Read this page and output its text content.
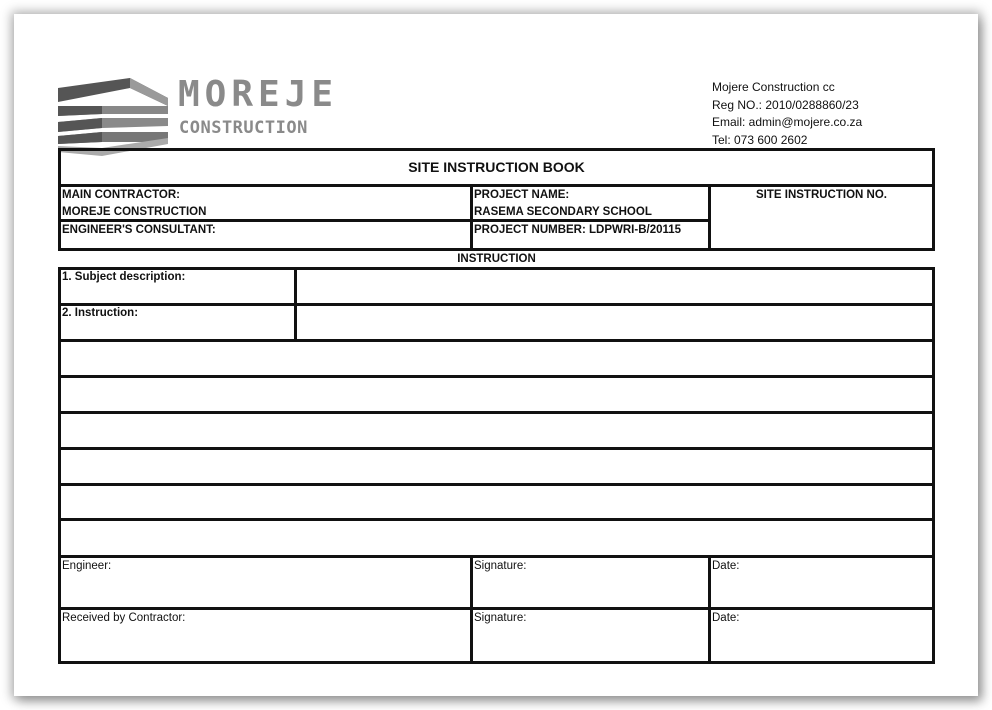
MOREJE
CONSTRUCTION
Mojere Construction cc
Reg NO.: 2010/0288860/23
Email: admin@mojere.co.za
Tel: 073 600 2602
SITE INSTRUCTION BOOK
MAIN CONTRACTOR:
MOREJE CONSTRUCTION
ENGINEER'S CONSULTANT:
PROJECT NAME:
RASEMA SECONDARY SCHOOL
PROJECT NUMBER: LDPWRI-B/20115
SITE INSTRUCTION NO.
INSTRUCTION
1. Subject description:
2. Instruction:
Engineer:	Signature:	Date:
Received by Contractor:	Signature:	Date:
